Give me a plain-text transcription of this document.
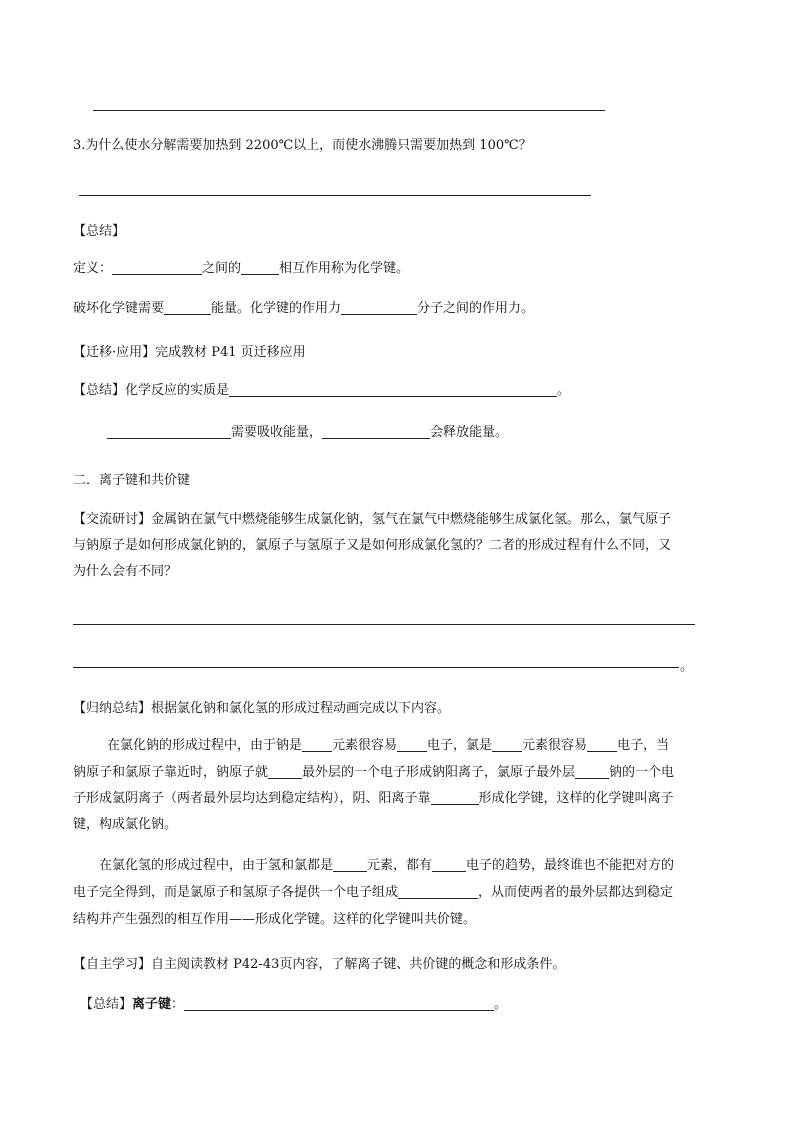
3.为什么使水分解需要加热到 2200℃以上，而使水沸腾只需要加热到 100℃？
【总结】
定义：	之间的	相互作用称为化学键。
破坏化学键需要	能量。化学键的作用力	分子之间的作用力。
【迁移·应用】完成教材 P41 页迁移应用
【总结】化学反应的实质是	。
需要吸收能量，	会释放能量。
二．离子键和共价键
【交流研讨】金属钠在氯气中燃烧能够生成氯化钠，氢气在氯气中燃烧能够生成氯化氢。那么，氯气原子
与钠原子是如何形成氯化钠的，氯原子与氢原子又是如何形成氯化氢的？二者的形成过程有什么不同，又
为什么会有不同？
。
【归纳总结】根据氯化钠和氯化氢的形成过程动画完成以下内容。
在氯化钠的形成过程中，由于钠是 元素很容易 电子，氯是 元素很容易 电子，当
钠原子和氯原子靠近时，钠原子就	最外层的一个电子形成钠阳离子，氯原子最外层	钠的一个电
子形成氯阴离子（两者最外层均达到稳定结构），阴、阳离子靠	形成化学键，这样的化学键叫离子
键，构成氯化钠。
在氯化氢的形成过程中，由于氢和氯都是	元素，都有	电子的趋势，最终谁也不能把对方的
电子完全得到，而是氯原子和氢原子各提供一个电子组成	，从而使两者的最外层都达到稳定
结构并产生强烈的相互作用——形成化学键。这样的化学键叫共价键。
【自主学习】自主阅读教材 P42-43页内容，了解离子键、共价键的概念和形成条件。
【总结】离子键：	。
